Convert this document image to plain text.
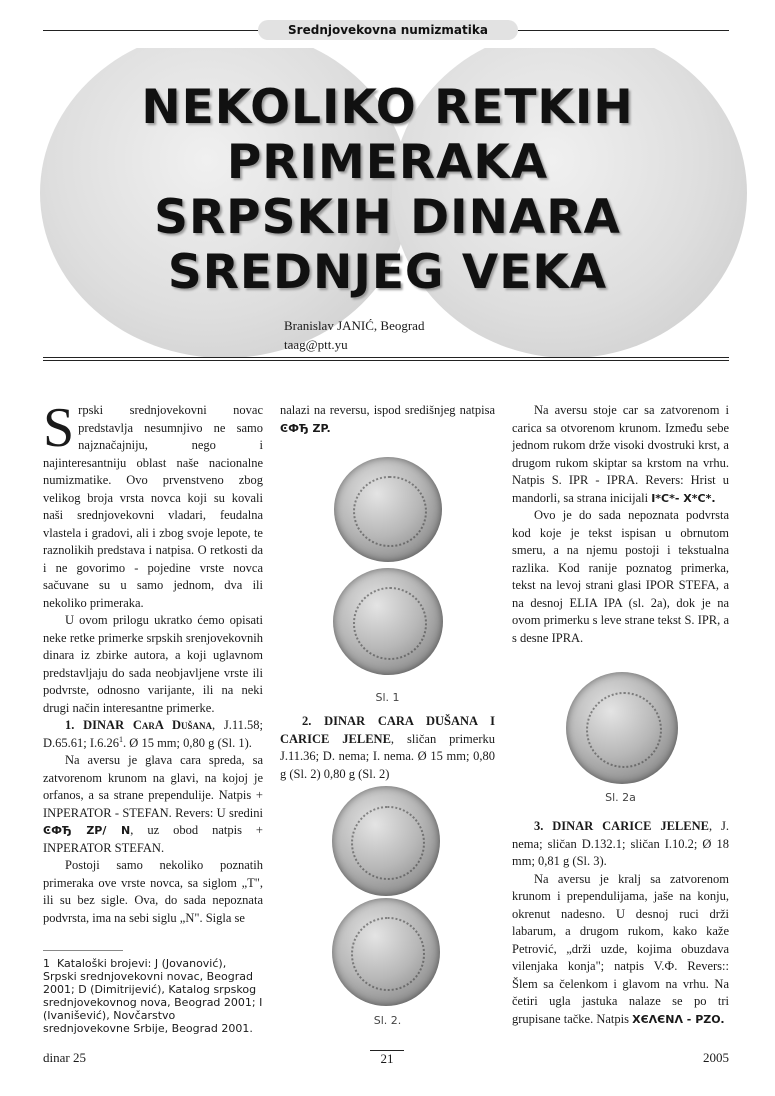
Srednjovekovna numizmatika
NEKOLIKO RETKIH
PRIMERAKA
SRPSKIH DINARA
SREDNJEG VEKA
Branislav JANIĆ, Beograd
taag@ptt.yu

Srpski srednjovekovni novac predstavlja nesumnjivo ne samo najznačajniju, nego i najinteresantniju oblast naše nacionalne numizmatike. Ovo prvenstveno zbog velikog broja vrsta novca koji su kovali naši srednjovekovni vladari, feudalna vlastela i gradovi, ali i zbog svoje lepote, te raznolikih predstava i natpisa. O retkosti da i ne govorimo - pojedine vrste novca sačuvane su u samo jednom, dva ili nekoliko primeraka.

U ovom prilogu ukratko ćemo opisati neke retke primerke srpskih srenjovekovnih dinara iz zbirke autora, a koji uglavnom predstavljaju do sada neobjavljene vrste ili podvrste, odnosno varijante, ili na neki drugi način interesantne primerke.

1. DINAR CarA Dušana, J.11.58; D.65.61; I.6.26$^1$. Ø 15 mm; 0,80 g (Sl. 1).

Na aversu je glava cara spreda, sa zatvorenom krunom na glavi, na kojoj je orfanos, a sa strane prependulije. Natpis + INPERATOR - STEFAN. Revers: U sredini ϾФЂ ZP/ N, uz obod natpis + INPERATOR STEFAN.

Postoji samo nekoliko poznatih primeraka ove vrste novca, sa siglom „T", ili su bez sigle. Ova, do sada nepoznata podvrsta, ima na sebi siglu „N". Sigla se

1 Kataloški brojevi: J (Jovanović), Srpski srednjovekovni novac, Beograd 2001; D (Dimitrijević), Katalog srpskog srednjovekovnog nova, Beograd 2001; I (Ivanišević), Novčarstvo srednjovekovne Srbije, Beograd 2001.

nalazi na reversu, ispod središnjeg natpisa ϾФЂ ZP.

Sl. 1

2. DINAR CARA DUŠANA I CARICE JELENE, sličan primerku J.11.36; D. nema; I. nema. Ø 15 mm; 0,80 g (Sl. 2) 0,80 g (Sl. 2)

Sl. 2.

Na aversu stoje car sa zatvorenom i carica sa otvorenom krunom. Između sebe jednom rukom drže visoki dvostruki krst, a drugom rukom skiptar sa krstom na vrhu. Natpis S. IPR - IPRA. Revers: Hrist u mandorli, sa strana inicijali I*C*- X*C*.

Ovo je do sada nepoznata podvrsta kod koje je tekst ispisan u obrnutom smeru, a na njemu postoji i tekstualna razlika. Kod ranije poznatog primerka, tekst na levoj strani glasi IPOR STEFA, a na desnoj ELIA IPA (sl. 2a), dok je na ovom primerku s leve strane tekst S. IPR, a s desne IPRA.

Sl. 2a

3. DINAR CARICE JELENE, J. nema; sličan D.132.1; sličan I.10.2; Ø 18 mm; 0,81 g (Sl. 3).

Na aversu je kralj sa zatvorenom krunom i prependulijama, jaše na konju, okrenut nadesno. U desnoj ruci drži labarum, a drugom rukom, kako kaže Petrović, „drži uzde, kojima obuzdava vilenjaka konja"; natpis V.Ф. Revers:: Šlem sa čelenkom i glavom na vrhu. Na četiri ugla jastuka nalaze se po tri grupisane tačke. Natpis ХЄΛЄΝΛ - ΡZO.

dinar 25	21	2005
